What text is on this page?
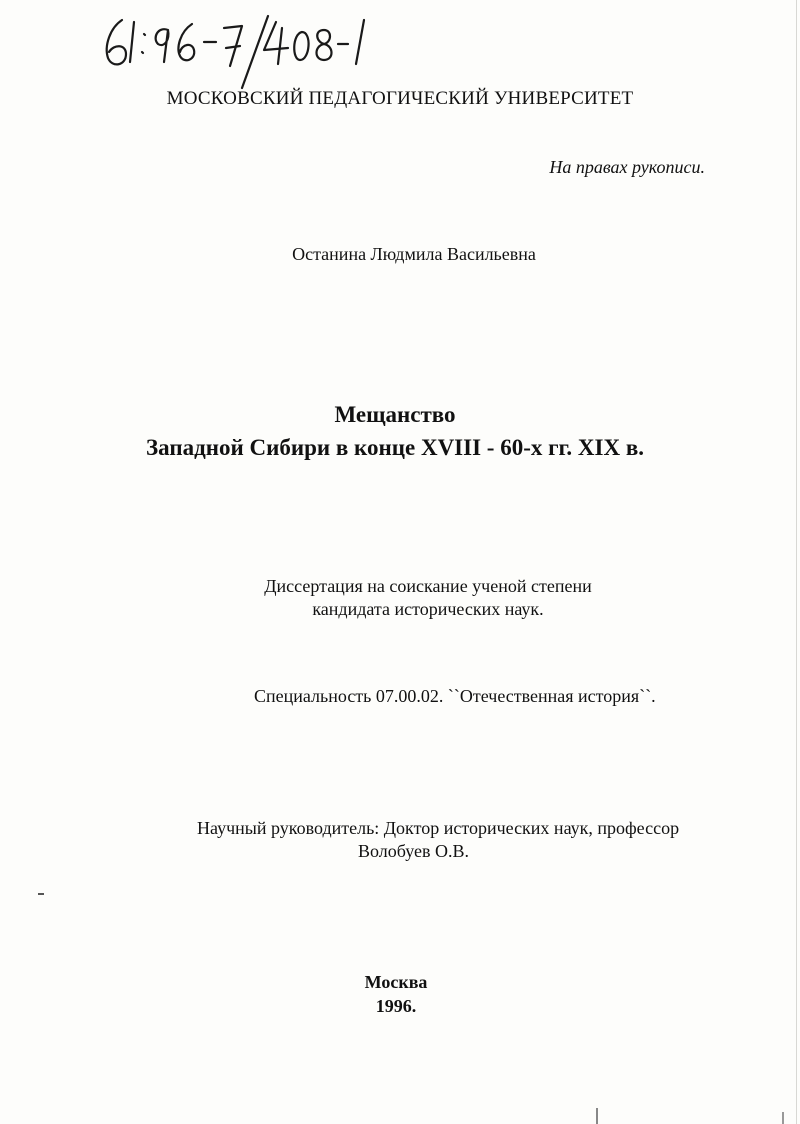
МОСКОВСКИЙ ПЕДАГОГИЧЕСКИЙ УНИВЕРСИТЕТ
На правах рукописи.
Останина Людмила Васильевна
Мещанство
Западной Сибири в конце XVIII - 60-х гг. XIX в.
Диссертация на соискание ученой степени
кандидата исторических наук.
Специальность 07.00.02. ``Отечественная история``.
Научный руководитель: Доктор исторических наук, профессор
Волобуев О.В.
Москва
1996.
